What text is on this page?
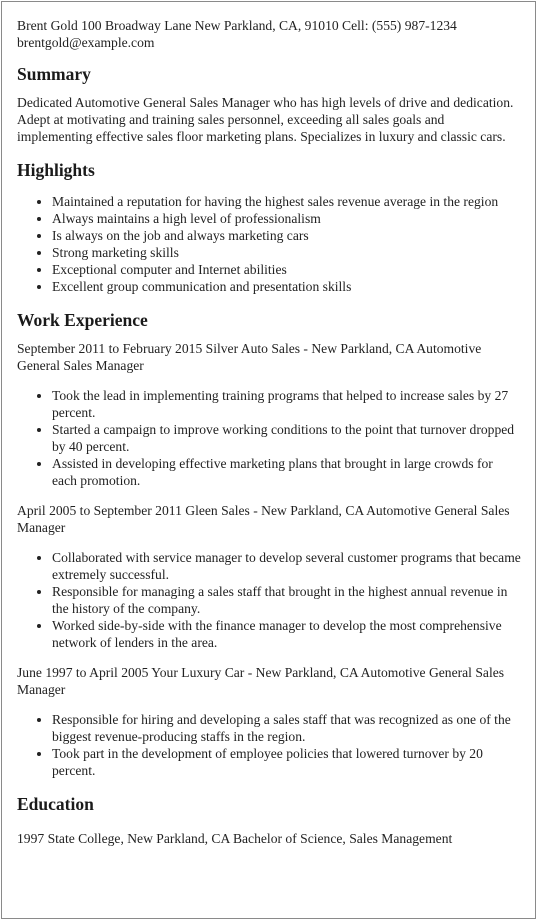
Brent Gold 100 Broadway Lane New Parkland, CA, 91010 Cell: (555) 987-1234
brentgold@example.com
Summary

Dedicated Automotive General Sales Manager who has high levels of drive and dedication. Adept at motivating and training sales personnel, exceeding all sales goals and implementing effective sales floor marketing plans. Specializes in luxury and classic cars.

Highlights
• Maintained a reputation for having the highest sales revenue average in the region
• Always maintains a high level of professionalism
• Is always on the job and always marketing cars
• Strong marketing skills
• Exceptional computer and Internet abilities
• Excellent group communication and presentation skills
Work Experience

September 2011 to February 2015 Silver Auto Sales - New Parkland, CA Automotive General Sales Manager

• Took the lead in implementing training programs that helped to increase sales by 27 percent.
• Started a campaign to improve working conditions to the point that turnover dropped by 40 percent.
• Assisted in developing effective marketing plans that brought in large crowds for each promotion.

April 2005 to September 2011 Gleen Sales - New Parkland, CA Automotive General Sales Manager

• Collaborated with service manager to develop several customer programs that became extremely successful.
• Responsible for managing a sales staff that brought in the highest annual revenue in the history of the company.
• Worked side-by-side with the finance manager to develop the most comprehensive network of lenders in the area.

June 1997 to April 2005 Your Luxury Car - New Parkland, CA Automotive General Sales Manager

• Responsible for hiring and developing a sales staff that was recognized as one of the biggest revenue-producing staffs in the region.
• Took part in the development of employee policies that lowered turnover by 20 percent.
Education

1997 State College, New Parkland, CA Bachelor of Science, Sales Management
